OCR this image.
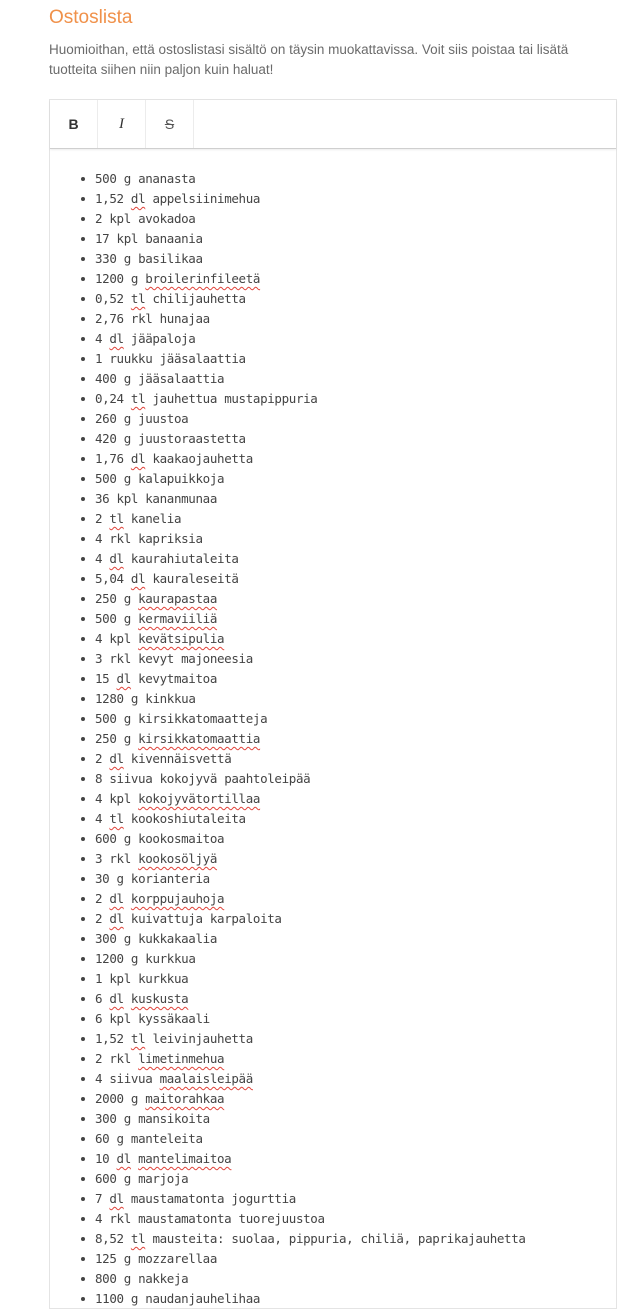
Ostoslista

Huomioithan, että ostoslistasi sisältö on täysin muokattavissa. Voit siis poistaa tai lisätä tuotteita siihen niin paljon kuin haluat!

B	I	S
500 g ananasta
1,52 dl appelsiinimehua
2 kpl avokadoa
17 kpl banaania
330 g basilikaa
1200 g broilerinfileetä
0,52 tl chilijauhetta
2,76 rkl hunajaa
4 dl jääpaloja
1 ruukku jääsalaattia
400 g jääsalaattia
0,24 tl jauhettua mustapippuria
260 g juustoa
420 g juustoraastetta
1,76 dl kaakaojauhetta
500 g kalapuikkoja
36 kpl kananmunaa
2 tl kanelia
4 rkl kapriksia
4 dl kaurahiutaleita
5,04 dl kauraleseitä
250 g kaurapastaa
500 g kermaviiliä
4 kpl kevätsipulia
3 rkl kevyt majoneesia
15 dl kevytmaitoa
1280 g kinkkua
500 g kirsikkatomaatteja
250 g kirsikkatomaattia
2 dl kivennäisvettä
8 siivua kokojyvä paahtoleipää
4 kpl kokojyvätortillaa
4 tl kookoshiutaleita
600 g kookosmaitoa
3 rkl kookosöljyä
30 g korianteria
2 dl korppujauhoja
2 dl kuivattuja karpaloita
300 g kukkakaalia
1200 g kurkkua
1 kpl kurkkua
6 dl kuskusta
6 kpl kyssäkaali
1,52 tl leivinjauhetta
2 rkl limetinmehua
4 siivua maalaisleipää
2000 g maitorahkaa
300 g mansikoita
60 g manteleita
10 dl mantelimaitoa
600 g marjoja
7 dl maustamatonta jogurttia
4 rkl maustamatonta tuorejuustoa
8,52 tl mausteita: suolaa, pippuria, chiliä, paprikajauhetta
125 g mozzarellaa
800 g nakkeja
1100 g naudanjauhelihaa
